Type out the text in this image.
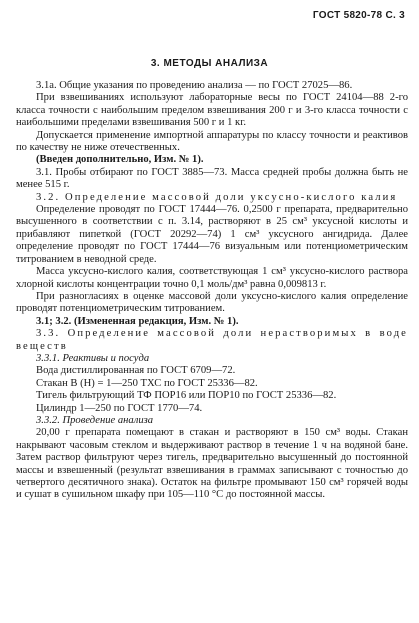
ГОСТ 5820-78 С. 3
3. МЕТОДЫ АНАЛИЗА

3.1а. Общие указания по проведению анализа — по ГОСТ 27025—86.

При взвешиваниях используют лабораторные весы по ГОСТ 24104—88 2-го класса точности с наибольшим пределом взвешивания 200 г и 3-го класса точности с наибольшими пределами взвешивания 500 г и 1 кг.

Допускается применение импортной аппаратуры по классу точности и реактивов по качеству не ниже отечественных.

(Введен дополнительно, Изм. № 1).

3.1. Пробы отбирают по ГОСТ 3885—73. Масса средней пробы должна быть не менее 515 г.

3.2. Определение массовой доли уксусно-кислого калия

Определение проводят по ГОСТ 17444—76. 0,2500 г препарата, предварительно высушенного в соответствии с п. 3.14, растворяют в 25 см³ уксусной кислоты и прибавляют пипеткой (ГОСТ 20292—74) 1 см³ уксусного ангидрида. Далее определение проводят по ГОСТ 17444—76 визуальным или потенциометрическим титрованием в неводной среде.

Масса уксусно-кислого калия, соответствующая 1 см³ уксусно-кислого раствора хлорной кислоты концентрации точно 0,1 моль/дм³ равна 0,009813 г.

При разногласиях в оценке массовой доли уксусно-кислого калия определение проводят потенциометрическим титрованием.

3.1; 3.2. (Измененная редакция, Изм. № 1).

3.3. Определение массовой доли нерастворимых в воде веществ

3.3.1. Реактивы и посуда

Вода дистиллированная по ГОСТ 6709—72.

Стакан В (Н) = 1—250 ТХС по ГОСТ 25336—82.

Тигель фильтрующий ТФ ПОР16 или ПОР10 по ГОСТ 25336—82.

Цилиндр 1—250 по ГОСТ 1770—74.

3.3.2. Проведение анализа

20,00 г препарата помещают в стакан и растворяют в 150 см³ воды. Стакан накрывают часовым стеклом и выдерживают раствор в течение 1 ч на водяной бане. Затем раствор фильтруют через тигель, предварительно высушенный до постоянной массы и взвешенный (результат взвешивания в граммах записывают с точностью до четвертого десятичного знака). Остаток на фильтре промывают 150 см³ горячей воды и сушат в сушильном шкафу при 105—110 °С до постоянной массы.
